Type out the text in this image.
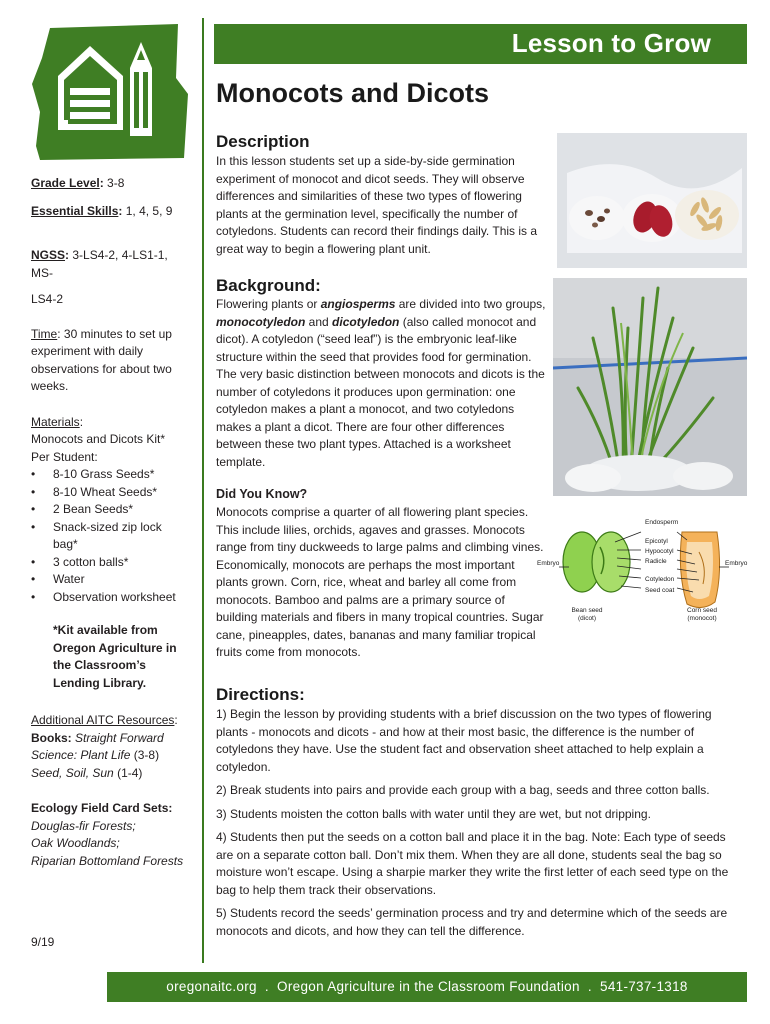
Lesson to Grow
Monocots and Dicots
Grade Level: 3-8
Essential Skills: 1, 4, 5, 9
NGSS: 3-LS4-2, 4-LS1-1, MS-
LS4-2
Time: 30 minutes to set up experiment with daily observations for about two weeks.
Materials:
Monocots and Dicots Kit* Per Student:
• 8-10 Grass Seeds*
• 8-10 Wheat Seeds*
• 2 Bean Seeds*
• Snack-sized zip lock bag*
• 3 cotton balls*
• Water
• Observation worksheet
*Kit available from Oregon Agriculture in the Classroom’s Lending Library.
Additional AITC Resources:
Books: Straight Forward Science: Plant Life (3-8)
Seed, Soil, Sun (1-4)
Ecology Field Card Sets:
Douglas-fir Forests;
Oak Woodlands;
Riparian Bottomland Forests
Description
In this lesson students set up a side-by-side germination experiment of monocot and dicot seeds. They will observe differences and similarities of these two types of flowering plants at the germination level, specifically the number of cotyledons. Students can record their findings daily. This is a great way to begin a flowering plant unit.
Background:
Flowering plants or angiosperms are divided into two groups, monocotyledon and dicotyledon (also called monocot and dicot). A cotyledon (“seed leaf”) is the embryonic leaf-like structure within the seed that provides food for germination. The very basic distinction between monocots and dicots is the number of cotyledons it produces upon germination: one cotyledon makes a plant a monocot, and two cotyledons makes a plant a dicot. There are four other differences between these two plant types. Attached is a worksheet template.
Did You Know?
Monocots comprise a quarter of all flowering plant species. This include lilies, orchids, agaves and grasses. Monocots range from tiny duckweeds to large palms and climbing vines. Economically, monocots are perhaps the most important plants grown. Corn, rice, wheat and barley all come from monocots. Bamboo and palms are a primary source of building materials and fibers in many tropical countries. Sugar cane, pineapples, dates, bananas and many familiar tropical fruits come from monocots.
Embryo
Endosperm
Epicotyl
Hypocotyl
Radicle
Cotyledon
Seed coat
Embryo
Bean seed
(dicot)
Corn seed
(monocot)
Directions:

1) Begin the lesson by providing students with a brief discussion on the two types of flowering plants - monocots and dicots - and how at their most basic, the difference is the number of cotyledons they have. Use the student fact and observation sheet attached to help explain a cotyledon.

2) Break students into pairs and provide each group with a bag, seeds and three cotton balls.

3) Students moisten the cotton balls with water until they are wet, but not dripping.

4) Students then put the seeds on a cotton ball and place it in the bag. Note: Each type of seeds are on a separate cotton ball. Don’t mix them. When they are all done, students seal the bag so moisture won’t escape. Using a sharpie marker they write the first letter of each seed type on the bag to help them track their observations.

5) Students record the seeds’ germination process and try and determine which of the seeds are monocots and dicots, and how they can tell the difference.

9/19
oregonaitc.org  .  Oregon Agriculture in the Classroom Foundation  .  541-737-1318
